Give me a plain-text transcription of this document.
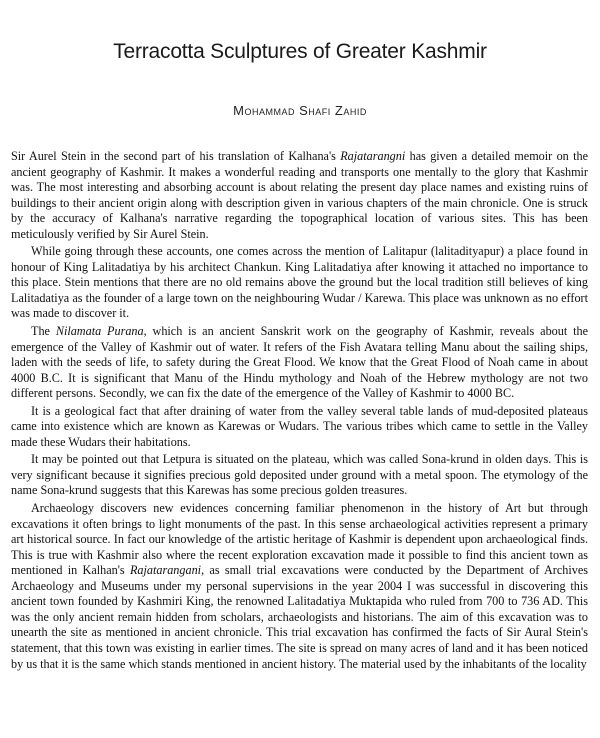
Terracotta Sculptures of Greater Kashmir
Mohammad Shafi Zahid

Sir Aurel Stein in the second part of his translation of Kalhana's Rajatarangni has given a detailed memoir on the ancient geography of Kashmir. It makes a wonderful reading and transports one mentally to the glory that Kashmir was. The most interesting and absorbing account is about relating the present day place names and existing ruins of buildings to their ancient origin along with description given in various chapters of the main chronicle. One is struck by the accuracy of Kalhana's narrative regarding the topographical location of various sites. This has been meticulously verified by Sir Aurel Stein.

While going through these accounts, one comes across the mention of Lalitapur (lalitadityapur) a place found in honour of King Lalitadatiya by his architect Chankun. King Lalitadatiya after knowing it attached no importance to this place. Stein mentions that there are no old remains above the ground but the local tradition still believes of king Lalitadatiya as the founder of a large town on the neighbouring Wudar / Karewa. This place was unknown as no effort was made to discover it.

The Nilamata Purana, which is an ancient Sanskrit work on the geography of Kashmir, reveals about the emergence of the Valley of Kashmir out of water. It refers of the Fish Avatara telling Manu about the sailing ships, laden with the seeds of life, to safety during the Great Flood. We know that the Great Flood of Noah came in about 4000 B.C. It is significant that Manu of the Hindu mythology and Noah of the Hebrew mythology are not two different persons. Secondly, we can fix the date of the emergence of the Valley of Kashmir to 4000 BC.

It is a geological fact that after draining of water from the valley several table lands of mud-deposited plateaus came into existence which are known as Karewas or Wudars. The various tribes which came to settle in the Valley made these Wudars their habitations.

It may be pointed out that Letpura is situated on the plateau, which was called Sona-krund in olden days. This is very significant because it signifies precious gold deposited under ground with a metal spoon. The etymology of the name Sona-krund suggests that this Karewas has some precious golden treasures.

Archaeology discovers new evidences concerning familiar phenomenon in the history of Art but through excavations it often brings to light monuments of the past. In this sense archaeological activities represent a primary art historical source. In fact our knowledge of the artistic heritage of Kashmir is dependent upon archaeological finds. This is true with Kashmir also where the recent exploration excavation made it possible to find this ancient town as mentioned in Kalhan's Rajatarangani, as small trial excavations were conducted by the Department of Archives Archaeology and Museums under my personal supervisions in the year 2004 I was successful in discovering this ancient town founded by Kashmiri King, the renowned Lalitadatiya Muktapida who ruled from 700 to 736 AD. This was the only ancient remain hidden from scholars, archaeologists and historians. The aim of this excavation was to unearth the site as mentioned in ancient chronicle. This trial excavation has confirmed the facts of Sir Aural Stein's statement, that this town was existing in earlier times. The site is spread on many acres of land and it has been noticed by us that it is the same which stands mentioned in ancient history. The material used by the inhabitants of the locality
